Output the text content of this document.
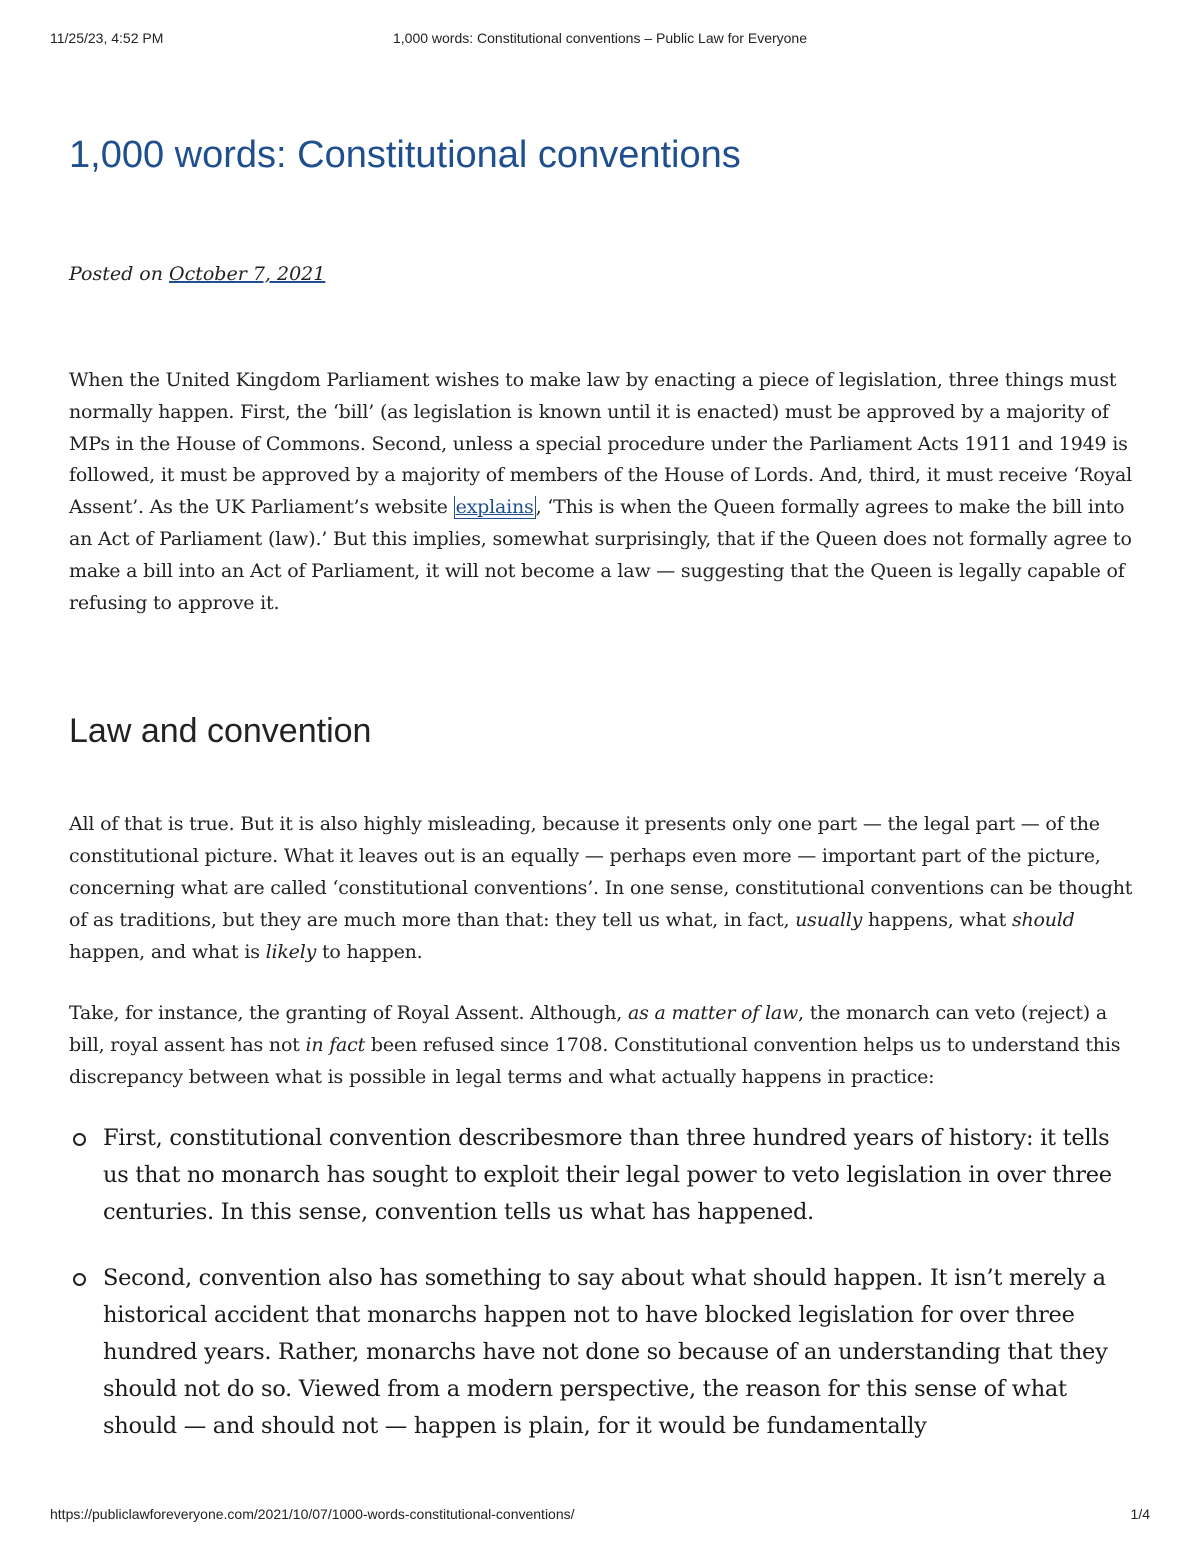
11/25/23, 4:52 PM	1,000 words: Constitutional conventions – Public Law for Everyone
1,000 words: Constitutional conventions
Posted on October 7, 2021

When the United Kingdom Parliament wishes to make law by enacting a piece of legislation, three things must normally happen. First, the ‘bill’ (as legislation is known until it is enacted) must be approved by a majority of MPs in the House of Commons. Second, unless a special procedure under the Parliament Acts 1911 and 1949 is followed, it must be approved by a majority of members of the House of Lords. And, third, it must receive ‘Royal Assent’. As the UK Parliament’s website explains , ‘This is when the Queen formally agrees to make the bill into an Act of Parliament (law).’ But this implies, somewhat surprisingly, that if the Queen does not formally agree to make a bill into an Act of Parliament, it will not become a law — suggesting that the Queen is legally capable of refusing to approve it.

Law and convention

All of that is true. But it is also highly misleading, because it presents only one part — the legal part — of the constitutional picture. What it leaves out is an equally — perhaps even more — important part of the picture, concerning what are called ‘constitutional conventions’. In one sense, constitutional conventions can be thought of as traditions, but they are much more than that: they tell us what, in fact, usually happens, what should happen, and what is likely to happen.

Take, for instance, the granting of Royal Assent. Although, as a matter of law, the monarch can veto (reject) a bill, royal assent has not in fact been refused since 1708. Constitutional convention helps us to understand this discrepancy between what is possible in legal terms and what actually happens in practice:

First, constitutional convention describesmore than three hundred years of history: it tells us that no monarch has sought to exploit their legal power to veto legislation in over three centuries. In this sense, convention tells us what has happened.
Second, convention also has something to say about what should happen. It isn’t merely a historical accident that monarchs happen not to have blocked legislation for over three hundred years. Rather, monarchs have not done so because of an understanding that they should not do so. Viewed from a modern perspective, the reason for this sense of what should — and should not — happen is plain, for it would be fundamentally
https://publiclawforeveryone.com/2021/10/07/1000-words-constitutional-conventions/	1/4
